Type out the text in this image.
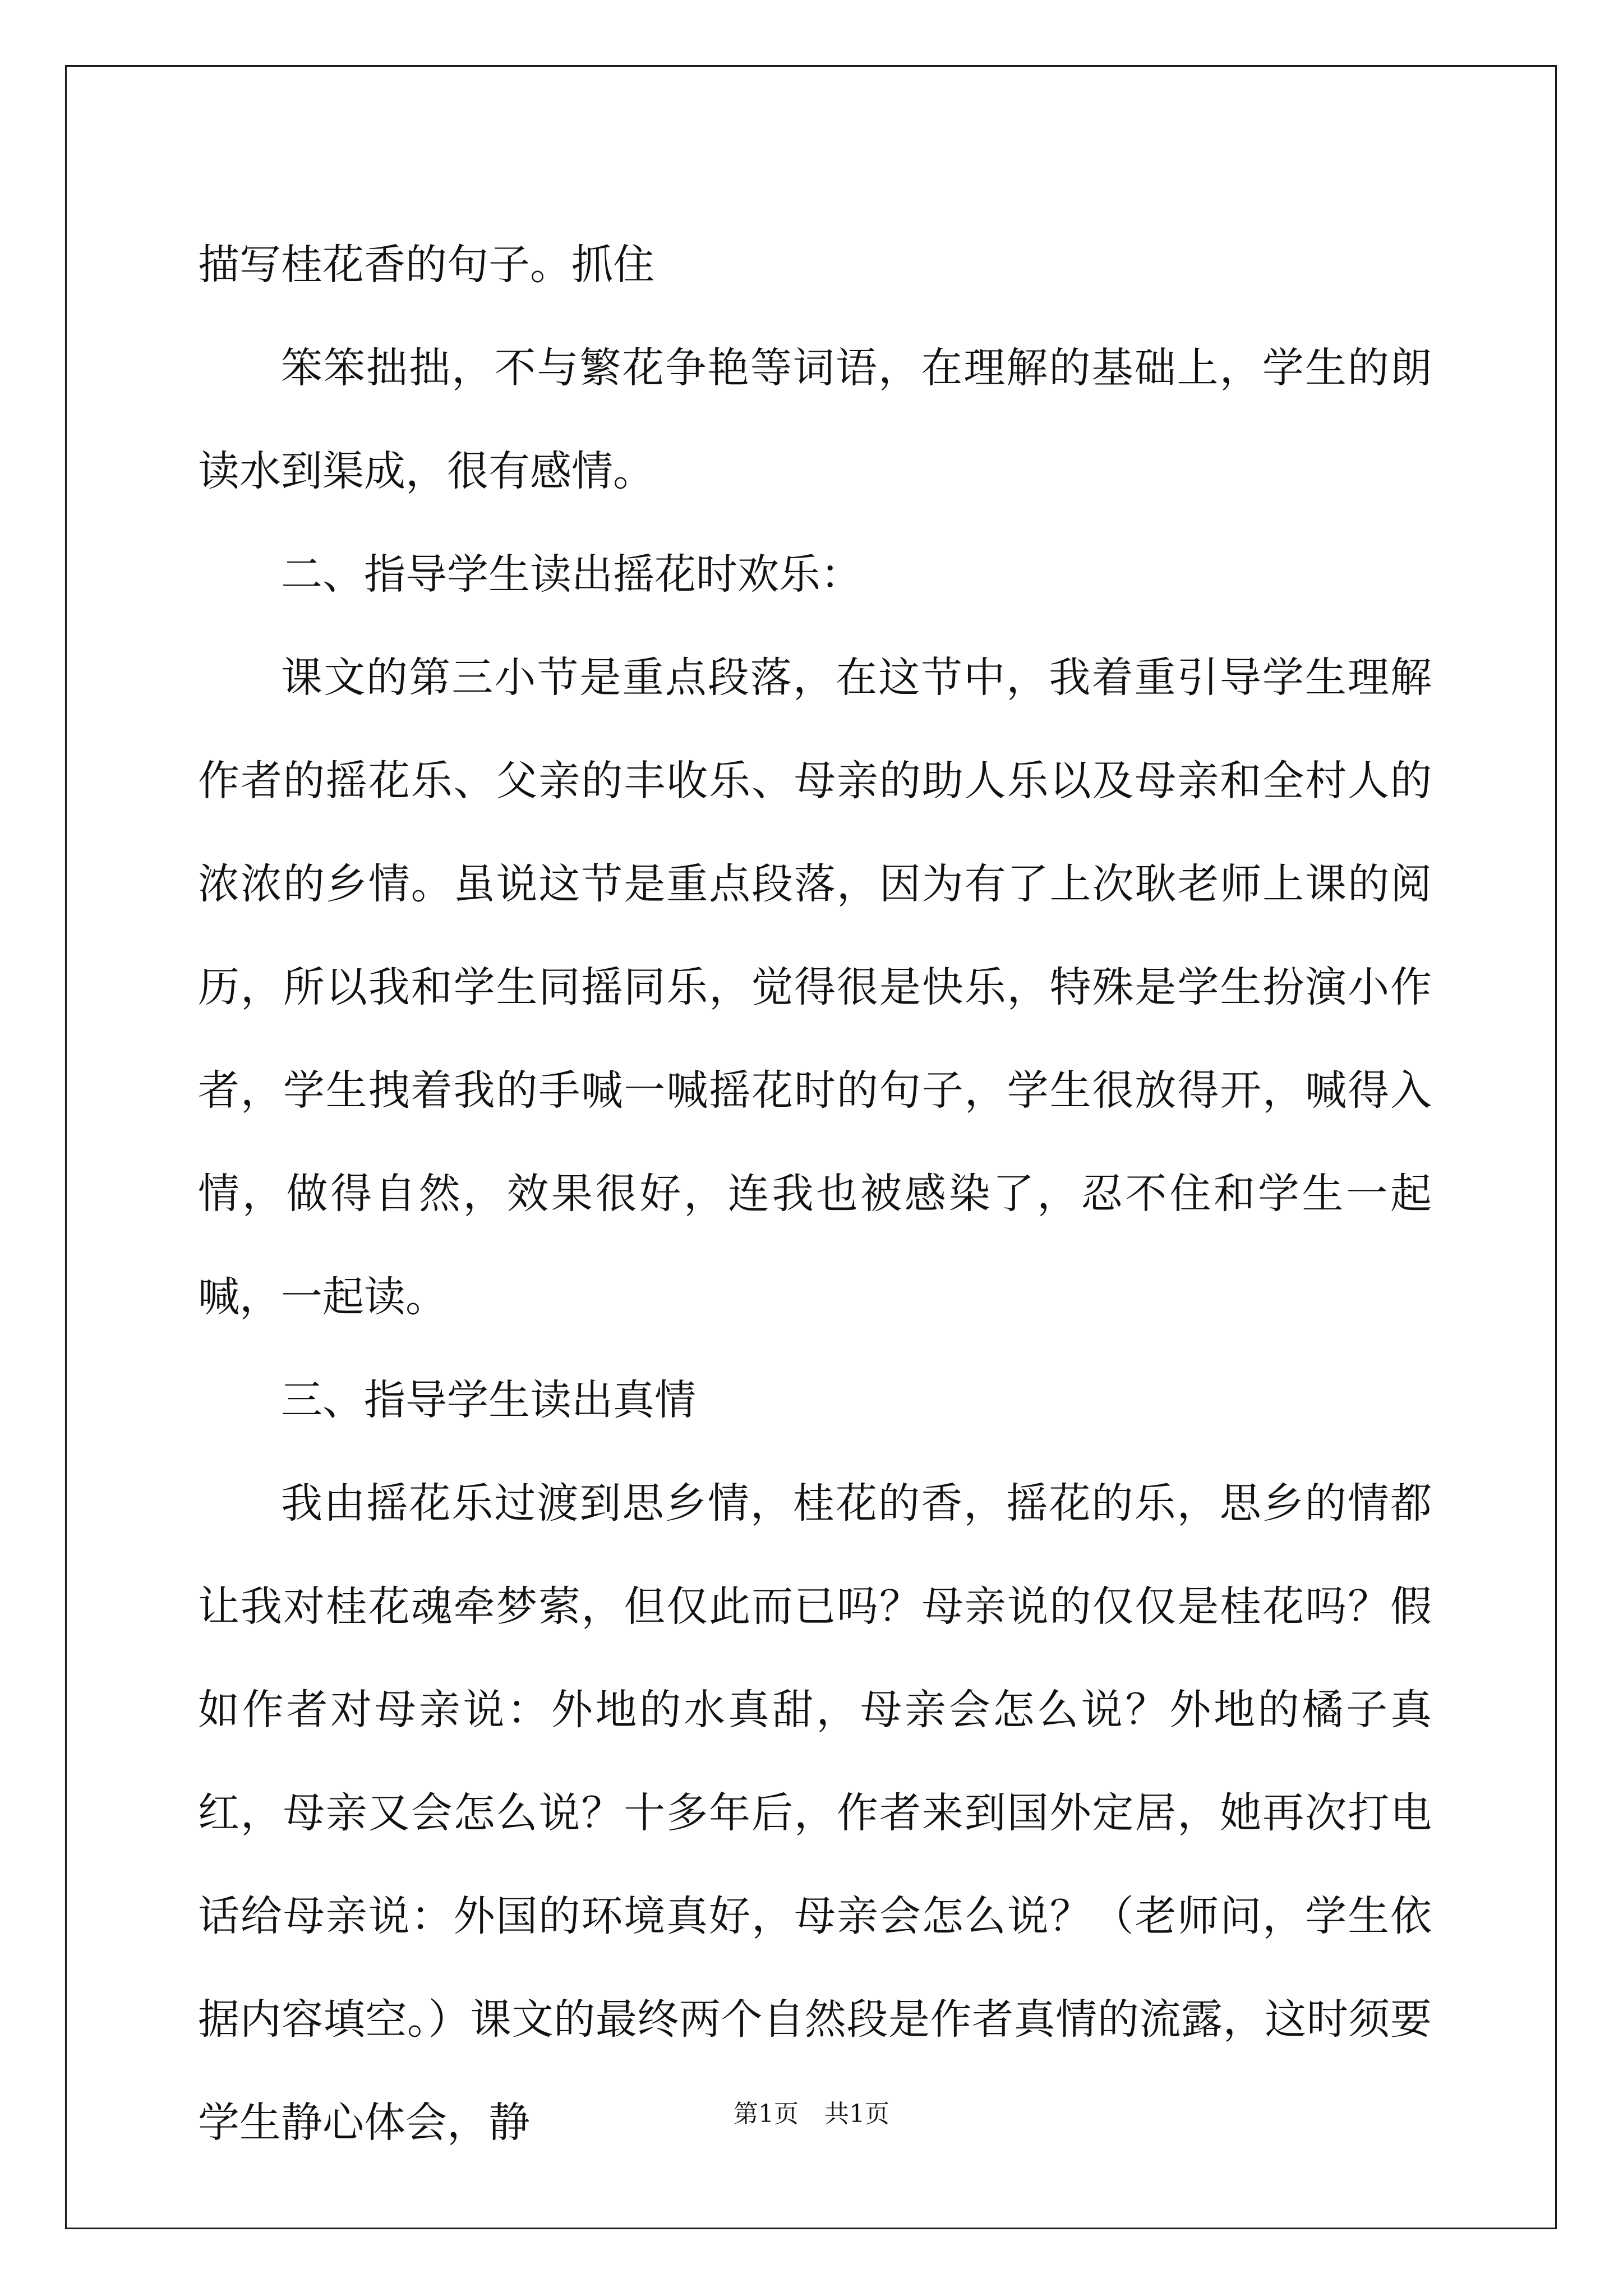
描写桂花香的句子。抓住

笨笨拙拙，不与繁花争艳等词语，在理解的基础上，学生的朗读水到渠成，很有感情。

二、指导学生读出摇花时欢乐：

课文的第三小节是重点段落，在这节中，我着重引导学生理解作者的摇花乐、父亲的丰收乐、母亲的助人乐以及母亲和全村人的浓浓的乡情。虽说这节是重点段落，因为有了上次耿老师上课的阅历，所以我和学生同摇同乐，觉得很是快乐，特殊是学生扮演小作者，学生拽着我的手喊一喊摇花时的句子，学生很放得开，喊得入情，做得自然，效果很好，连我也被感染了，忍不住和学生一起喊，一起读。

三、指导学生读出真情

我由摇花乐过渡到思乡情，桂花的香，摇花的乐，思乡的情都让我对桂花魂牵梦萦，但仅此而已吗？母亲说的仅仅是桂花吗？假如作者对母亲说：外地的水真甜，母亲会怎么说？外地的橘子真红，母亲又会怎么说？十多年后，作者来到国外定居，她再次打电话给母亲说：外国的环境真好，母亲会怎么说？（老师问，学生依据内容填空。）课文的最终两个自然段是作者真情的流露，这时须要学生静心体会，静	第1页 共1页
